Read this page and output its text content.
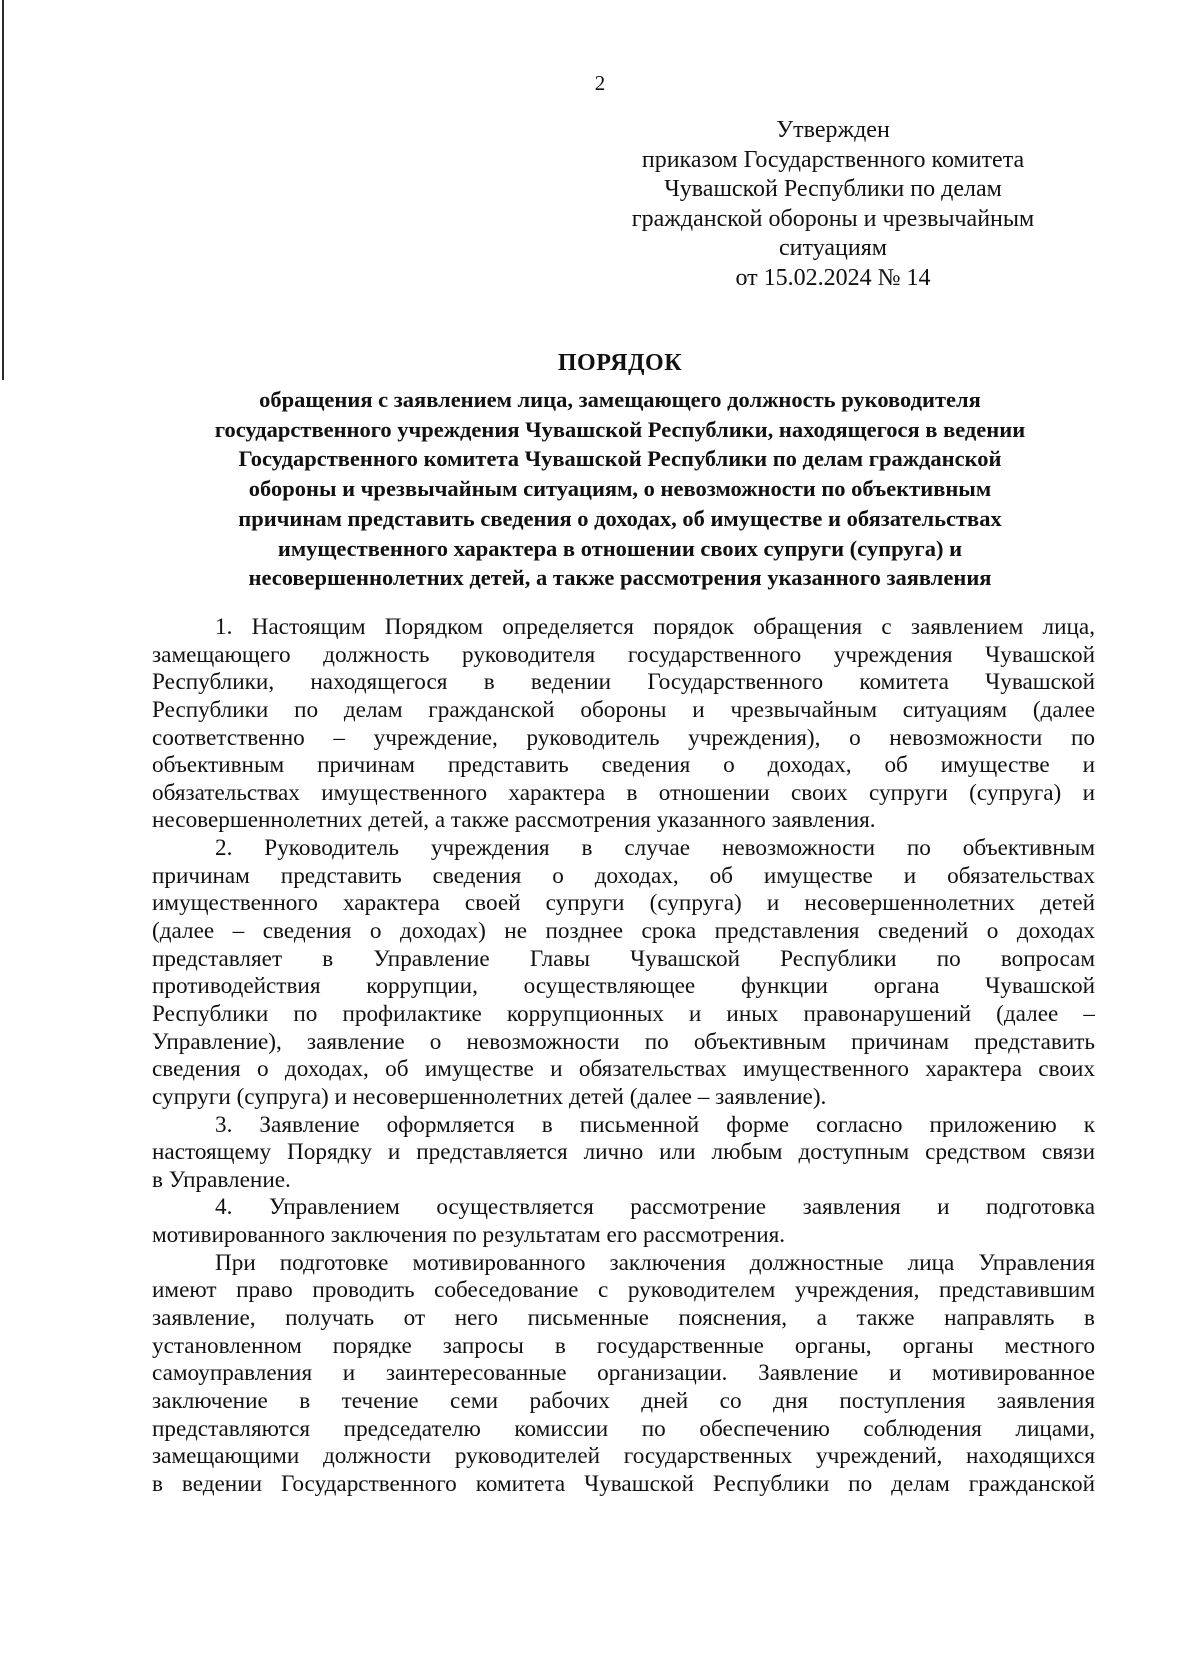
2
Утвержден
приказом Государственного комитета
Чувашской Республики по делам
гражданской обороны и чрезвычайным
ситуациям
от 15.02.2024 № 14
ПОРЯДОК
обращения с заявлением лица, замещающего должность руководителя
государственного учреждения Чувашской Республики, находящегося в ведении
Государственного комитета Чувашской Республики по делам гражданской
обороны и чрезвычайным ситуациям, о невозможности по объективным
причинам представить сведения о доходах, об имуществе и обязательствах
имущественного характера в отношении своих супруги (супруга) и
несовершеннолетних детей, а также рассмотрения указанного заявления
1. Настоящим Порядком определяется порядок обращения с заявлением лица,
замещающего должность руководителя государственного учреждения Чувашской
Республики, находящегося в ведении Государственного комитета Чувашской
Республики по делам гражданской обороны и чрезвычайным ситуациям (далее
соответственно – учреждение, руководитель учреждения), о невозможности по
объективным причинам представить сведения о доходах, об имуществе и
обязательствах имущественного характера в отношении своих супруги (супруга) и
несовершеннолетних детей, а также рассмотрения указанного заявления.
2. Руководитель учреждения в случае невозможности по объективным
причинам представить сведения о доходах, об имуществе и обязательствах
имущественного характера своей супруги (супруга) и несовершеннолетних детей
(далее – сведения о доходах) не позднее срока представления сведений о доходах
представляет в Управление Главы Чувашской Республики по вопросам
противодействия коррупции, осуществляющее функции органа Чувашской
Республики по профилактике коррупционных и иных правонарушений (далее –
Управление), заявление о невозможности по объективным причинам представить
сведения о доходах, об имуществе и обязательствах имущественного характера своих
супруги (супруга) и несовершеннолетних детей (далее – заявление).
3. Заявление оформляется в письменной форме согласно приложению к
настоящему Порядку и представляется лично или любым доступным средством связи
в Управление.
4. Управлением осуществляется рассмотрение заявления и подготовка
мотивированного заключения по результатам его рассмотрения.
При подготовке мотивированного заключения должностные лица Управления
имеют право проводить собеседование с руководителем учреждения, представившим
заявление, получать от него письменные пояснения, а также направлять в
установленном порядке запросы в государственные органы, органы местного
самоуправления и заинтересованные организации. Заявление и мотивированное
заключение в течение семи рабочих дней со дня поступления заявления
представляются председателю комиссии по обеспечению соблюдения лицами,
замещающими должности руководителей государственных учреждений, находящихся
в ведении Государственного комитета Чувашской Республики по делам гражданской
